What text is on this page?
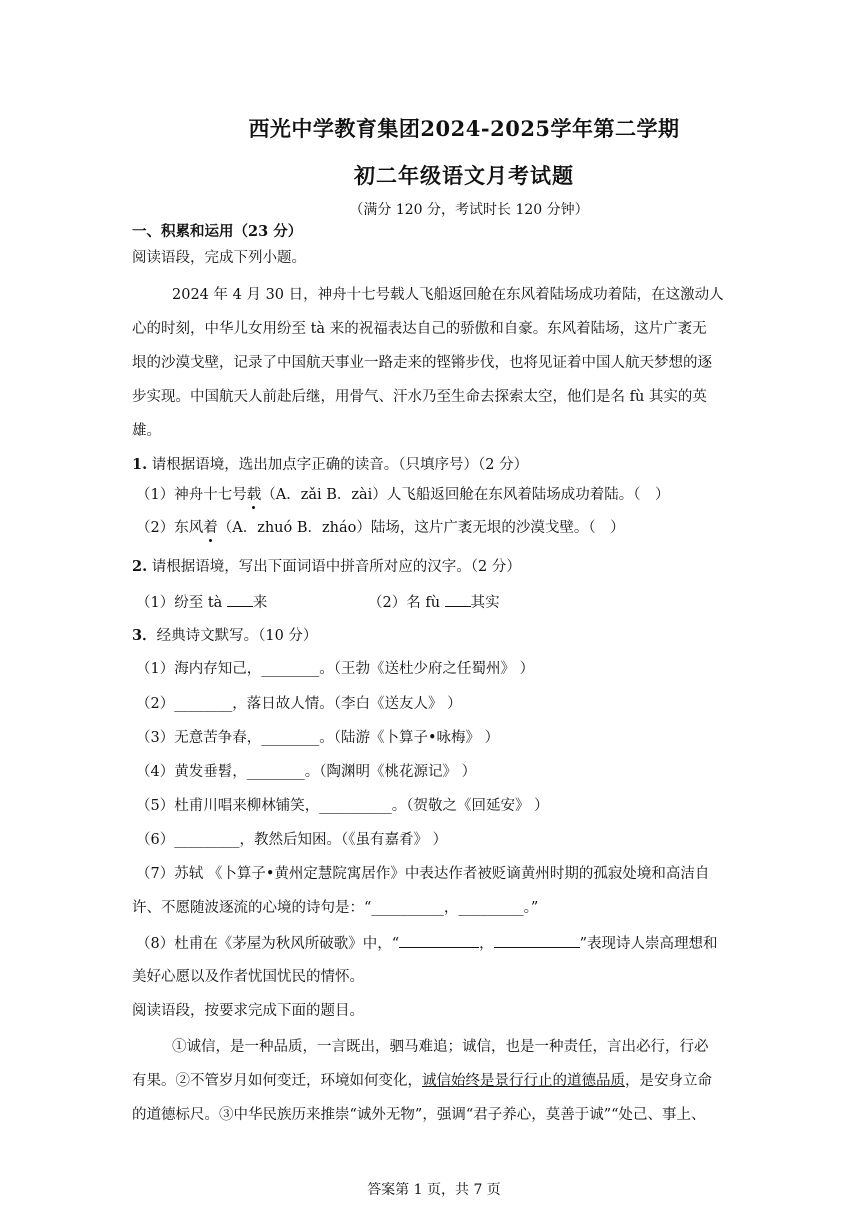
西光中学教育集团2024-2025学年第二学期
初二年级语文月考试题
（满分 120 分，考试时长 120 分钟）
一、积累和运用（23 分）
阅读语段，完成下列小题。
2024 年 4 月 30 日，神舟十七号载人飞船返回舱在东风着陆场成功着陆，在这激动人
心的时刻，中华儿女用纷至 tà 来的祝福表达自己的骄傲和自豪。东风着陆场，这片广袤无
垠的沙漠戈壁，记录了中国航天事业一路走来的铿锵步伐，也将见证着中国人航天梦想的逐
步实现。中国航天人前赴后继，用骨气、汗水乃至生命去探索太空，他们是名 fù 其实的英
雄。
1. 请根据语境，选出加点字正确的读音。（只填序号）（2 分）
（1）神舟十七号载（A．zǎi B．zài）人飞船返回舱在东风着陆场成功着陆。（　）
（2）东风着（A．zhuó B．zháo）陆场，这片广袤无垠的沙漠戈壁。（　）
2. 请根据语境，写出下面词语中拼音所对应的汉字。（2 分）
（1）纷至 tà 来	（2）名 fù 其实
3．经典诗文默写。（10 分）
（1）海内存知己，________。（王勃《送杜少府之任蜀州》 ）
（2）________，落日故人情。（李白《送友人》 ）
（3）无意苦争春，________。（陆游《卜算子•咏梅》 ）
（4）黄发垂髫，________。（陶渊明《桃花源记》 ）
（5）杜甫川唱来柳林铺笑，__________。（贺敬之《回延安》 ）
（6）_________，教然后知困。（《虽有嘉肴》 ）
（7）苏轼 《卜算子•黄州定慧院寓居作》中表达作者被贬谪黄州时期的孤寂处境和高洁自
许、不愿随波逐流的心境的诗句是：“__________，_________。”
（8）杜甫在《茅屋为秋风所破歌》中，“	，	”表现诗人崇高理想和
美好心愿以及作者忧国忧民的情怀。
阅读语段，按要求完成下面的题目。
①诚信，是一种品质，一言既出，驷马难追；诚信，也是一种责任，言出必行，行必
有果。②不管岁月如何变迁，环境如何变化，诚信始终是景行行止的道德品质，是安身立命
的道德标尺。③中华民族历来推崇“诚外无物”，强调“君子养心，莫善于诚”“处己、事上、
答案第 1 页，共 7 页
